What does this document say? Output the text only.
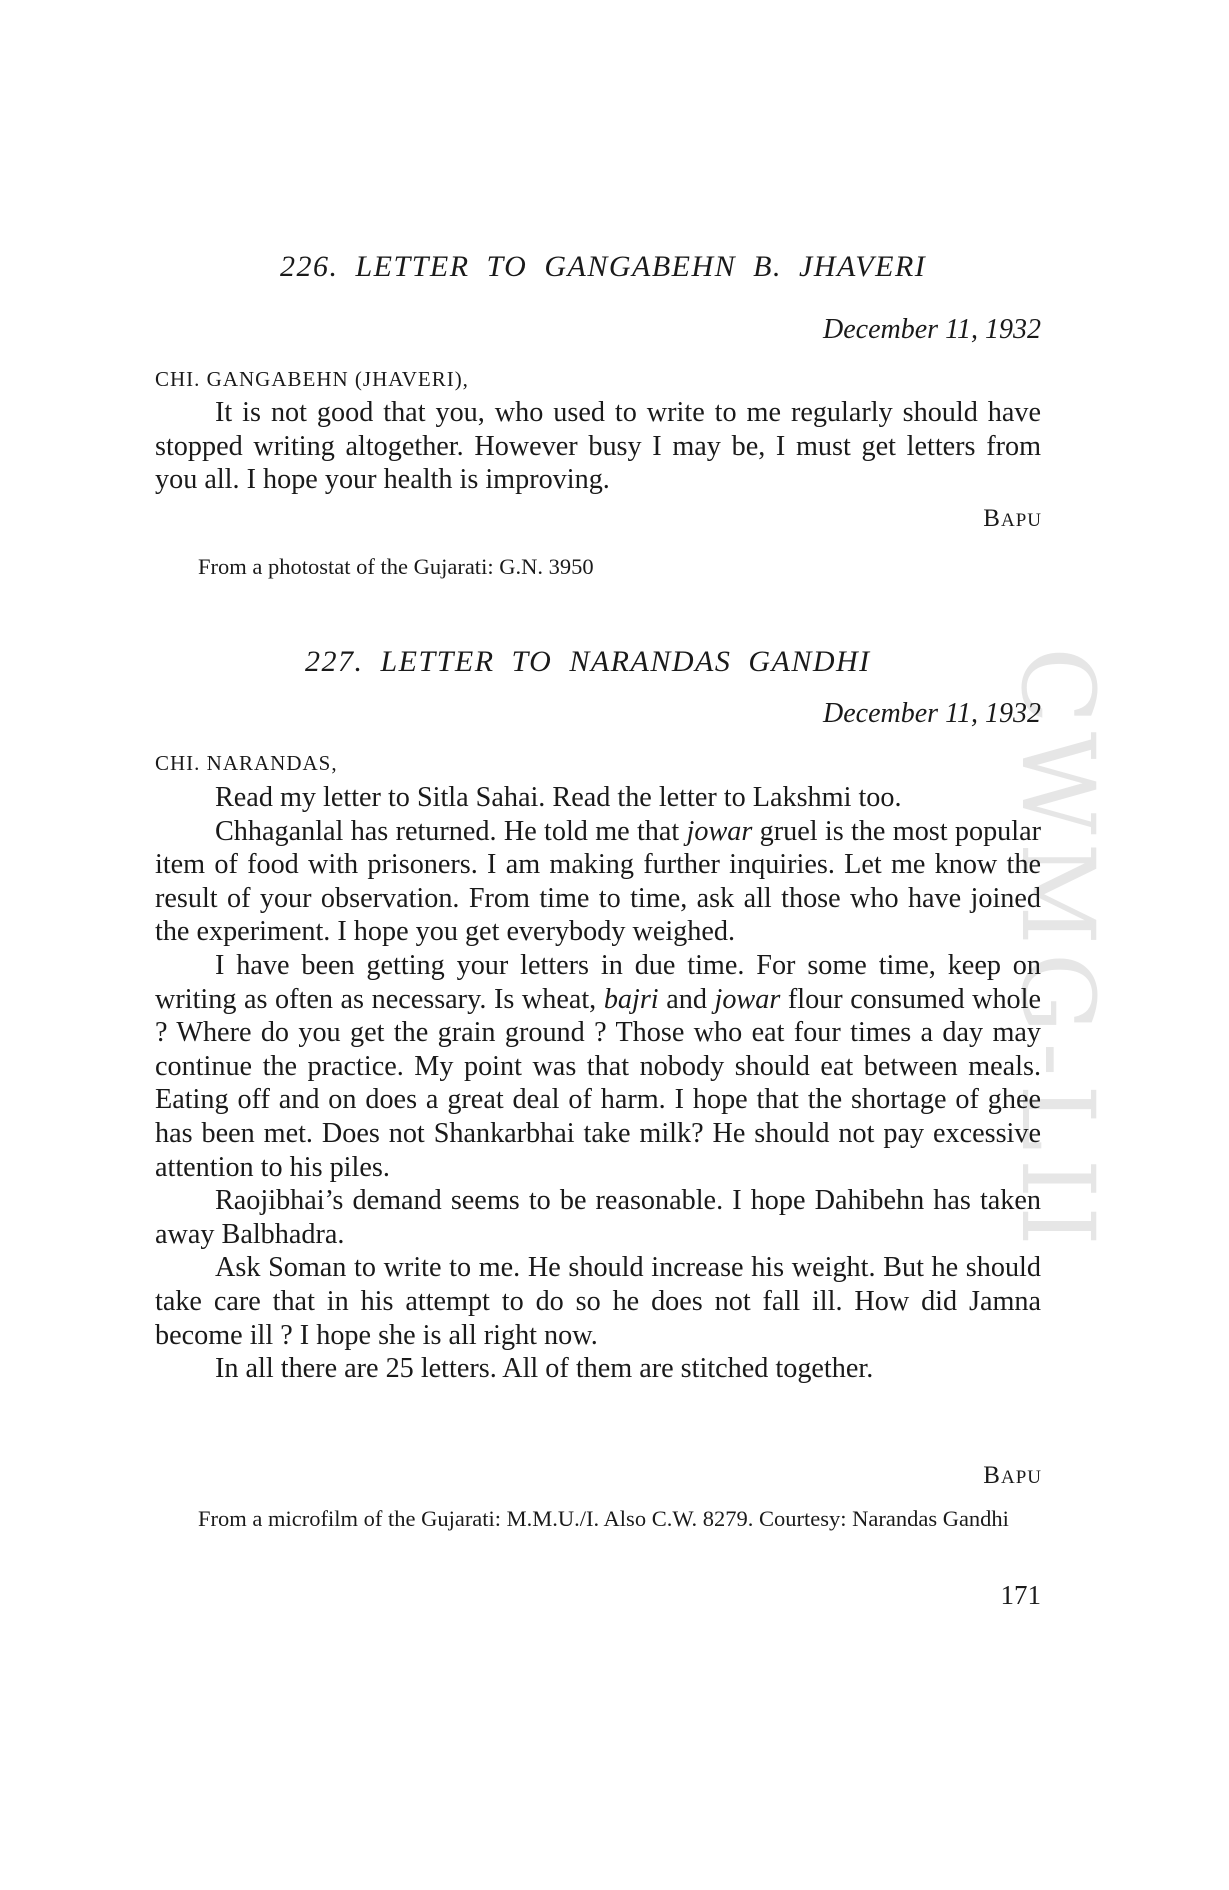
CWMG-LII
226. LETTER TO GANGABEHN B. JHAVERI
December 11, 1932
CHI. GANGABEHN (JHAVERI),

It is not good that you, who used to write to me regularly should have stopped writing altogether. However busy I may be, I must get letters from you all. I hope your health is improving.

BAPU
From a photostat of the Gujarati: G.N. 3950
227. LETTER TO NARANDAS GANDHI
December 11, 1932
CHI. NARANDAS,

Read my letter to Sitla Sahai. Read the letter to Lakshmi too.

Chhaganlal has returned. He told me that jowar gruel is the most popular item of food with prisoners. I am making further inquiries. Let me know the result of your observation. From time to time, ask all those who have joined the experiment. I hope you get everybody weighed.

I have been getting your letters in due time. For some time, keep on writing as often as necessary. Is wheat, bajri and jowar flour consumed whole ? Where do you get the grain ground ? Those who eat four times a day may continue the practice. My point was that nobody should eat between meals. Eating off and on does a great deal of harm. I hope that the shortage of ghee has been met. Does not Shankarbhai take milk? He should not pay excessive attention to his piles.

Raojibhai’s demand seems to be reasonable. I hope Dahibehn has taken away Balbhadra.

Ask Soman to write to me. He should increase his weight. But he should take care that in his attempt to do so he does not fall ill. How did Jamna become ill ? I hope she is all right now.

In all there are 25 letters. All of them are stitched together.

BAPU
From a microfilm of the Gujarati: M.M.U./I. Also C.W. 8279. Courtesy: Narandas Gandhi
171
